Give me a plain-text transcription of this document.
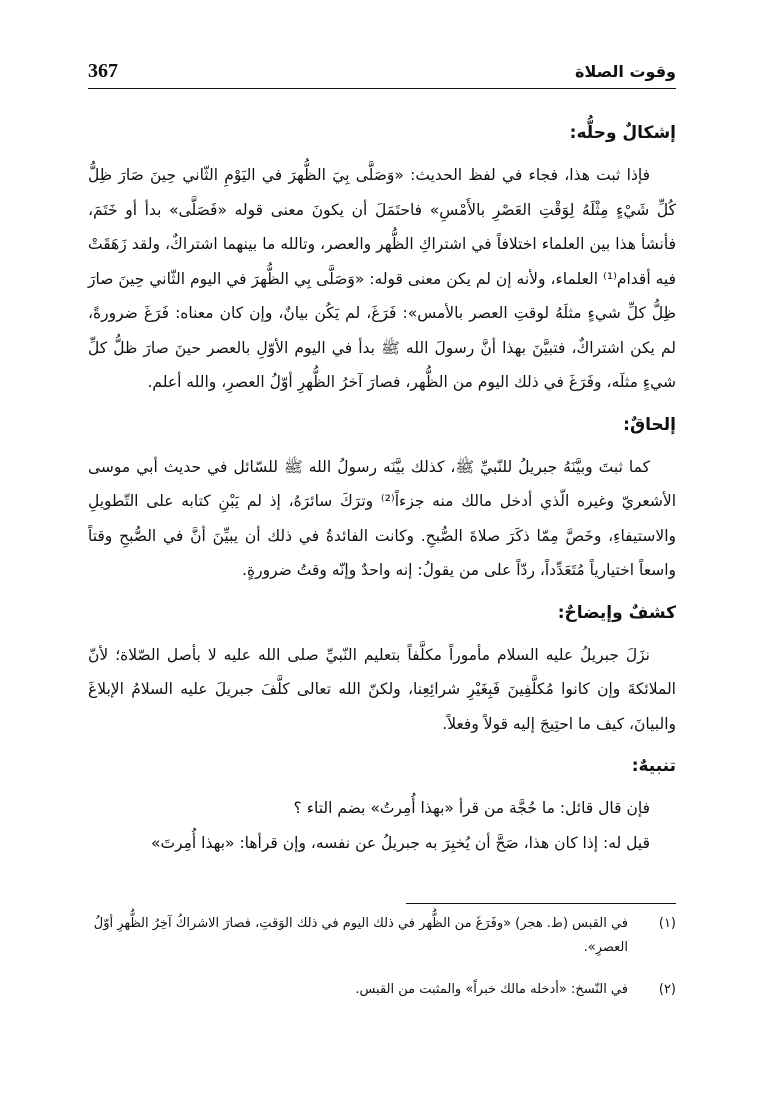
367	وقوت الصلاة
إشكالٌ وحلُّه:

فإذا ثبت هذا، فجاء في لفظ الحديث: «وَصَلَّى بِيَ الظُّهرَ في اليَوْمِ الثّاني حِينَ صَارَ ظِلُّ كُلِّ شَيْءٍ مِثْلَهُ لِوَقْتِ العَصْرِ بالأَمْسِ» فاحتَمَلَ أن يكونَ معنى قوله «فَصَلَّى» بدأ أو خَتَمَ، فأنشأ هذا بين العلماء اختلافاً في اشتراكِ الظُّهر والعصر، وتالله ما بينهما اشتراكٌ، ولقد زَهَقَتْ فيه أقدام⁽¹⁾ العلماء، ولأنه إن لم يكن معنى قوله: «وَصَلَّى بِي الظُّهرَ في اليوم الثّاني حِينَ صارَ ظِلُّ كلِّ شيءٍ مثلَهُ لوقتِ العصر بالأمس»: فَرَغَ، لم يَكُن بيانٌ، وإن كان معناه: فَرَغَ ضرورةً، لم يكن اشتراكٌ، فتبيَّنَ بهذا أنَّ رسولَ الله ﷺ بدأ في اليوم الأوّلِ بالعصر حينَ صارَ ظلُّ كلِّ شيءٍ مثلَه، وفَرَغَ في ذلك اليوم من الظُّهر، فصارَ آخرُ الظُّهرِ أوّلُ العصرِ، والله أعلم.

إلحاقٌ:

كما ثبتَ وبيَّنَهُ جبريلُ للنّبيِّ ﷺ، كذلك بيَّنَه رسولُ الله ﷺ للسّائل في حديث أبي موسى الأشعريّ وغيره الّذي أدخل مالك منه جزءاً⁽²⁾ وترَكَ سائرَهُ، إذ لم يَبْنِ كتابه على التّطويلِ والاستيفاءِ، وخَصَّ مِمّا ذكَرَ صلاةَ الصُّبحِ. وكانت الفائدةُ في ذلك أن يبيِّنَ أنَّ في الصُّبحِ وقتاً واسعاً اختيارياً مُتَعَدِّداً، ردّاً على من يقولُ: إنه واحدٌ وإنّه وقتُ ضرورةٍ.

كشفٌ وإيضاحٌ:

نزَلَ جبريلُ عليه السلام مأموراً مكلَّفاً بتعليم النّبيِّ صلى الله عليه لا بأصل الصّلاة؛ لأنّ الملائكةَ وإن كانوا مُكلَّفِينَ فَبِغَيْرِ شرائِعِنا، ولكنّ الله تعالى كلَّفَ جبريلَ عليه السلامُ الإبلاغَ والبيانَ، كيف ما احتِيجَ إليه قولاً وفعلاً.

تنبيهٌ:

فإن قال قائل: ما حُجَّة من قرأ «بهذا أُمِرتُ» بضم التاء ؟

قيل له: إذا كان هذا، صَحَّ أن يُخبِرَ به جبريلُ عن نفسه، وإن قرأها: «بهذا أُمِرتَ»

(١)
في القبس (ط. هجر) «وفَرَغَ من الظُّهر في ذلك اليوم في ذلك الوَقتِ، فصارَ الاشراكُ آخِرُ الظُّهرِ أوّلُ العصرِ».
(٢)
في النّسخ: «أدخله مالك خبراً» والمثبت من القبس.
